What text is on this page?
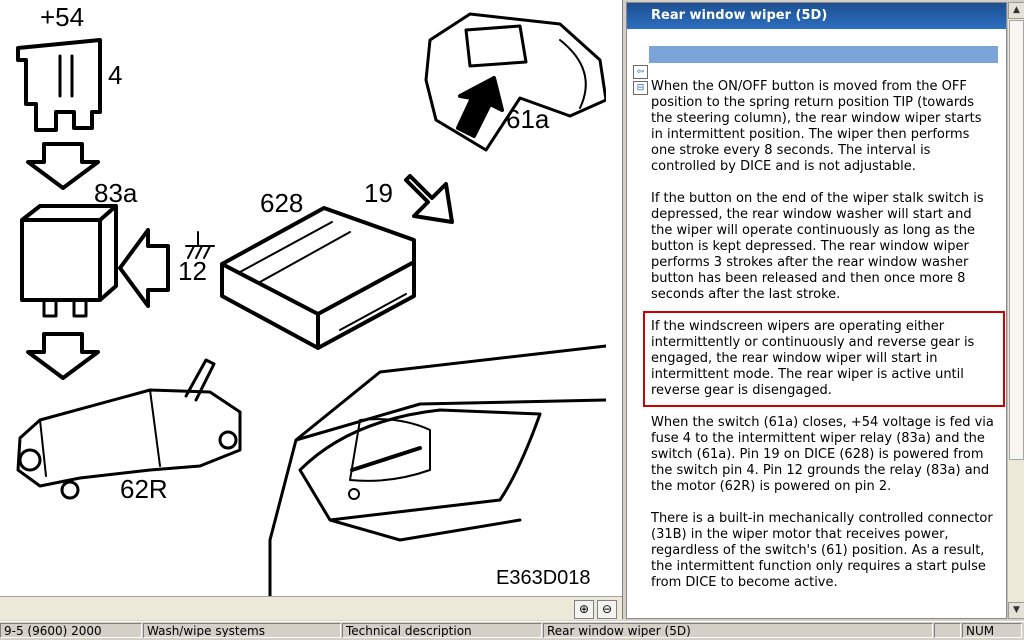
+54
4
83a
12
628 19
61a
62R
E363D018
⊕	⊖
Rear window wiper (5D)
⇦
⊟ When the ON/OFF button is moved from the OFF position to the spring return position TIP (towards the steering column), the rear window wiper starts in intermittent position. The wiper then performs one stroke every 8 seconds. The interval is controlled by DICE and is not adjustable.

If the button on the end of the wiper stalk switch is depressed, the rear window washer will start and the wiper will operate continuously as long as the button is kept depressed. The rear window wiper performs 3 strokes after the rear window washer button has been released and then once more 8 seconds after the last stroke.

If the windscreen wipers are operating either intermittently or continuously and reverse gear is engaged, the rear window wiper will start in intermittent mode. The rear wiper is active until reverse gear is disengaged.

When the switch (61a) closes, +54 voltage is fed via fuse 4 to the intermittent wiper relay (83a) and the switch (61a). Pin 19 on DICE (628) is powered from the switch pin 4. Pin 12 grounds the relay (83a) and the motor (62R) is powered on pin 2.

There is a built-in mechanically controlled connector (31B) in the wiper motor that receives power, regardless of the switch's (61) position. As a result, the intermittent function only requires a start pulse from DICE to become active.

▲
▼
9-5 (9600) 2000	Wash/wipe systems	Technical description	Rear window wiper (5D)	NUM
